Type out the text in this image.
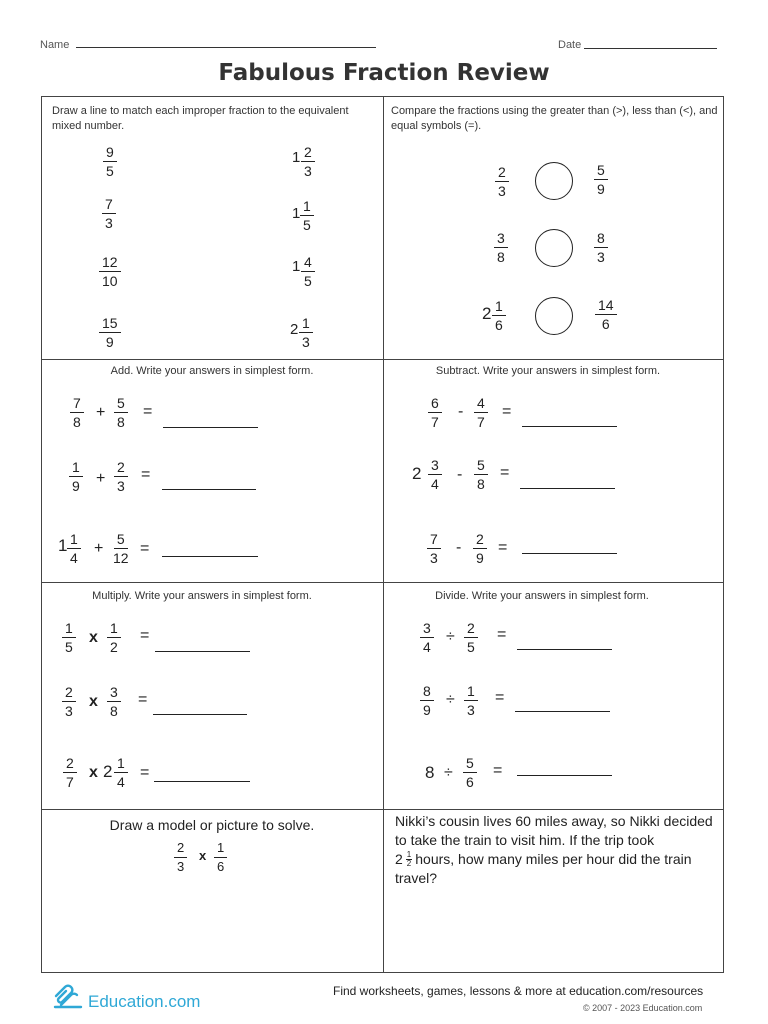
Name	Date
Fabulous Fraction Review
Draw a line to match each improper fraction to the equivalent mixed number.
$\frac{9}{5}$
$\frac{7}{3}$
$\frac{12}{10}$
$\frac{15}{9}$
$1 \frac{2}{3}$
$1 \frac{1}{5}$
$1 \frac{4}{5}$
$2 \frac{1}{3}$
Compare the fractions using the greater than (>), less than (<), and equal symbols (=).
$\frac{2}{3}$	$\frac{5}{9}$
$\frac{3}{8}$	$\frac{8}{3}$
$2 \frac{1}{6}$	$\frac{14}{6}$
Add. Write your answers in simplest form.
$\frac{7}{8} + \frac{5}{8}$ =
$\frac{1}{9} + \frac{2}{3}$ =
$1 \frac{1}{4} + \frac{5}{12}$ =
Subtract. Write your answers in simplest form.
$\frac{6}{7} - \frac{4}{7}$ =
$2 \frac{3}{4} - \frac{5}{8}$ =
$\frac{7}{3} - \frac{2}{9}$ =
Multiply. Write your answers in simplest form.
$\frac{1}{5}$ x $\frac{1}{2}$ =
$\frac{2}{3}$ x $\frac{3}{8}$ =
$\frac{2}{7}$ x $2 \frac{1}{4}$ =
Divide. Write your answers in simplest form.
$\frac{3}{4} \div \frac{2}{5}$ =
$\frac{8}{9} \div \frac{1}{3}$ =
$8 \div \frac{5}{6}$ =
Draw a model or picture to solve.
$\frac{2}{3}$ x $\frac{1}{6}$
Nikki’s cousin lives 60 miles away, so Nikki decided
to take the train to visit him. If the trip took
2 1
2 hours, how many miles per hour did the train
travel?
Education.com
Find worksheets, games, lessons & more at education.com/resources
© 2007 - 2023 Education.com
